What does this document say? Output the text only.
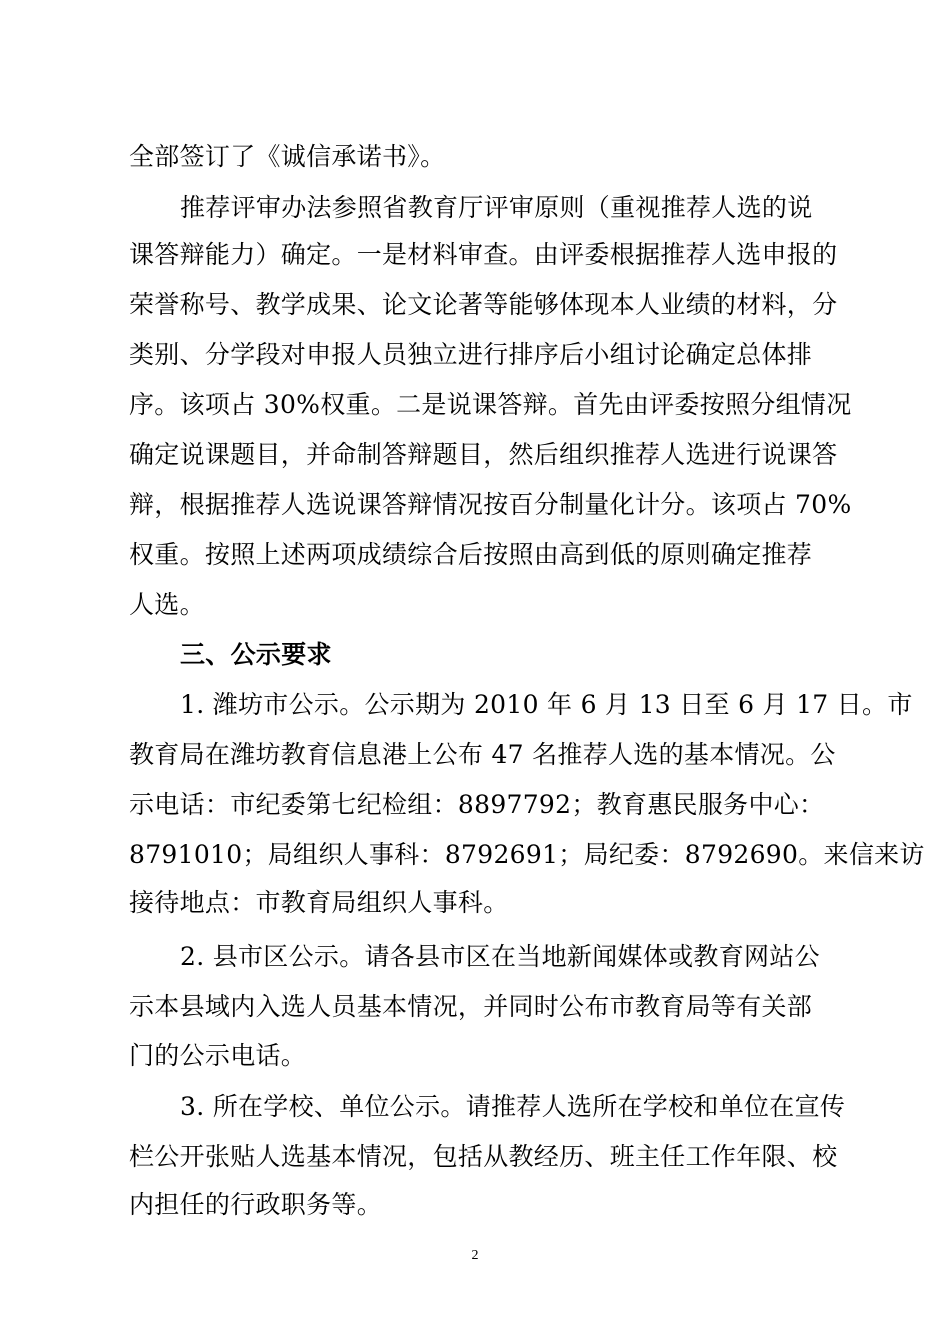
全部签订了《诚信承诺书》。
推荐评审办法参照省教育厅评审原则（重视推荐人选的说
课答辩能力）确定。一是材料审查。由评委根据推荐人选申报的
荣誉称号、教学成果、论文论著等能够体现本人业绩的材料，分
类别、分学段对申报人员独立进行排序后小组讨论确定总体排
序。该项占 30%权重。二是说课答辩。首先由评委按照分组情况
确定说课题目，并命制答辩题目，然后组织推荐人选进行说课答
辩，根据推荐人选说课答辩情况按百分制量化计分。该项占 70%
权重。按照上述两项成绩综合后按照由高到低的原则确定推荐
人选。
三、公示要求
1. 潍坊市公示。公示期为 2010 年 6 月 13 日至 6 月 17 日。市
教育局在潍坊教育信息港上公布 47 名推荐人选的基本情况。公
示电话：市纪委第七纪检组：8897792；教育惠民服务中心：
8791010；局组织人事科：8792691；局纪委：8792690。来信来访
接待地点：市教育局组织人事科。
2. 县市区公示。请各县市区在当地新闻媒体或教育网站公
示本县域内入选人员基本情况，并同时公布市教育局等有关部
门的公示电话。
3. 所在学校、单位公示。请推荐人选所在学校和单位在宣传
栏公开张贴人选基本情况，包括从教经历、班主任工作年限、校
内担任的行政职务等。
2
